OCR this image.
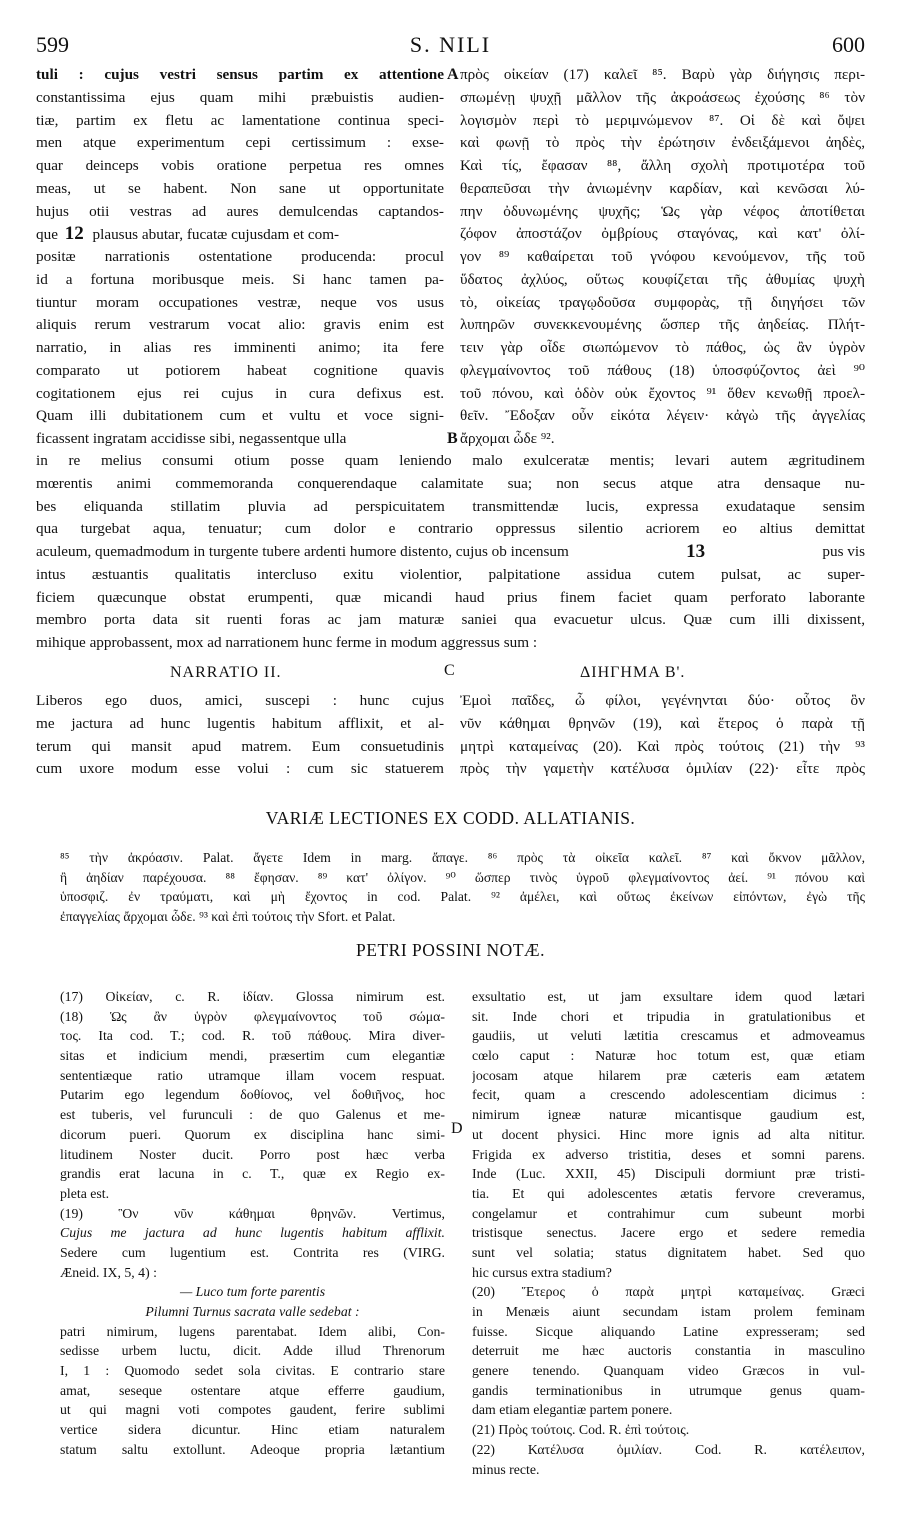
599	S. NILI	600
tuli : cujus vestri sensus partim ex attentione
constantissima ejus quam mihi præbuistis audien-
tiæ, partim ex fletu ac lamentatione continua speci-
men atque experimentum cepi certissimum : exse-
quar deinceps vobis oratione perpetua res omnes
meas, ut se habent. Non sane ut opportunitate
hujus otii vestras ad aures demulcendas captandos-
que 12 plausus abutar, fucatæ cujusdam et com-
positæ narrationis ostentatione producenda: procul
id a fortuna moribusque meis. Si hanc tamen pa-
tiuntur moram occupationes vestræ, neque vos usus
aliquis rerum vestrarum vocat alio: gravis enim est
narratio, in alias res imminenti animo; ita fere
comparato ut potiorem habeat cognitione quavis
cogitationem ejus rei cujus in cura defixus est.
Quam illi dubitationem cum et vultu et voce signi-
ficassent ingratam accidisse sibi, negassentque ulla
A
B
πρὸς οἰκείαν (17) καλεῖ ⁸⁵. Βαρὺ γὰρ διήγησις περι-
σπωμένῃ ψυχῇ μᾶλλον τῆς ἀκροάσεως ἐχούσης ⁸⁶ τὸν
λογισμὸν περὶ τὸ μεριμνώμενον ⁸⁷. Οἱ δὲ καὶ ὄψει
καὶ φωνῇ τὸ πρὸς τὴν ἐρώτησιν ἐνδειξάμενοι ἀηδὲς,
Καὶ τίς, ἔφασαν ⁸⁸, ἄλλη σχολὴ προτιμοτέρα τοῦ
θεραπεῦσαι τὴν ἀνιωμένην καρδίαν, καὶ κενῶσαι λύ-
πην ὀδυνωμένης ψυχῆς; Ὡς γὰρ νέφος ἀποτίθεται
ζόφον ἀποστάζον ὀμβρίους σταγόνας, καὶ κατ' ὀλί-
γον ⁸⁹ καθαίρεται τοῦ γνόφου κενούμενον, τῆς τοῦ
ὕδατος ἀχλύος, οὕτως κουφίζεται τῆς ἀθυμίας ψυχὴ
τὸ, οἰκείας τραγῳδοῦσα συμφορὰς, τῇ διηγήσει τῶν
λυπηρῶν συνεκκενουμένης ὥσπερ τῆς ἀηδείας. Πλήτ-
τειν γὰρ οἶδε σιωπώμενον τὸ πάθος, ὡς ἂν ὑγρὸν
φλεγμαίνοντος τοῦ πάθους (18) ὑποσφύζοντος ἀεὶ ⁹⁰
τοῦ πόνου, καὶ ὁδὸν οὐκ ἔχοντος ⁹¹ ὅθεν κενωθῇ προελ-
θεῖν. Ἔδοξαν οὖν εἰκότα λέγειν· κἀγὼ τῆς ἀγγελίας
ἄρχομαι ὧδε ⁹².
in re melius consumi otium posse quam leniendo malo exulceratæ mentis; levari autem ægritudinem
mœrentis animi commemoranda conquerendaque calamitate sua; non secus atque atra densaque nu-
bes eliquanda stillatim pluvia ad perspicuitatem transmittendæ lucis, expressa exudataque sensim
qua turgebat aqua, tenuatur; cum dolor e contrario oppressus silentio acriorem eo altius demittat
aculeum, quemadmodum in turgente tubere ardenti humore distento, cujus ob incensum	13	pus vis
intus æstuantis qualitatis intercluso exitu violentior, palpitatione assidua cutem pulsat, ac super-
ficiem quæcunque obstat erumpenti, quæ micandi haud prius finem faciet quam perforato laborante
membro porta data sit ruenti foras ac jam maturæ saniei qua evacuetur ulcus. Quæ cum illi dixissent,
mihique approbassent, mox ad narrationem hunc ferme in modum aggressus sum :
NARRATIO II.	C	ΔΙΗΓΗΜΑ Β'.
Liberos ego duos, amici, suscepi : hunc cujus
me jactura ad hunc lugentis habitum afflixit, et al-
terum qui mansit apud matrem. Eum consuetudinis
cum uxore modum esse volui : cum sic statuerem
Ἐμοὶ παῖδες, ὦ φίλοι, γεγένηνται δύο· οὗτος ὃν
νῦν κάθημαι θρηνῶν (19), καὶ ἕτερος ὁ παρὰ τῇ
μητρὶ καταμείνας (20). Καὶ πρὸς τούτοις (21) τὴν ⁹³
πρὸς τὴν γαμετὴν κατέλυσα ὁμιλίαν (22)· εἶτε πρὸς
VARIÆ LECTIONES EX CODD. ALLATIANIS.
⁸⁵ τὴν ἀκρόασιν. Palat. ἄγετε Idem in marg. ἄπαγε. ⁸⁶ πρὸς τὰ οἰκεῖα καλεῖ. ⁸⁷ καὶ ὄκνον μᾶλλον,
ἢ ἀηδίαν παρέχουσα. ⁸⁸ ἔφησαν. ⁸⁹ κατ' ὀλίγον. ⁹⁰ ὥσπερ τινὸς ὑγροῦ φλεγμαίνοντος ἀεί. ⁹¹ πόνου καὶ
ὑποσφιζ. ἐν τραύματι, καὶ μὴ ἔχοντος in cod. Palat. ⁹² ἀμέλει, καὶ οὕτως ἐκείνων εἰπόντων, ἐγὼ τῆς
ἐπαγγελίας ἄρχομαι ὧδε. ⁹³ καὶ ἐπὶ τούτοις τὴν Sfort. et Palat.
PETRI POSSINI NOTÆ.
(17) Οἰκείαν, c. R. ἰδίαν. Glossa nimirum est.
(18) Ὡς ἂν ὑγρὸν φλεγμαίνοντος τοῦ σώμα-
τος. Ita cod. T.; cod. R. τοῦ πάθους. Mira diver-
sitas et indicium mendi, præsertim cum elegantiæ
sententiæque ratio utramque illam vocem respuat.
Putarim ego legendum δοθίονος, vel δοθιῆνος, hoc
est tuberis, vel furunculi : de quo Galenus et me-
dicorum pueri. Quorum ex disciplina hanc simi-
litudinem Noster ducit. Porro post hæc verba
grandis erat lacuna in c. T., quæ ex Regio ex-
pleta est.
(19) Ὃν νῦν κάθημαι θρηνῶν. Vertimus,
Cujus me jactura ad hunc lugentis habitum afflixit.
Sedere cum lugentium est. Contrita res (VIRG.
Æneid. IX, 5, 4) :
— Luco tum forte parentis
Pilumni Turnus sacrata valle sedebat :
patri nimirum, lugens parentabat. Idem alibi, Con-
sedisse urbem luctu, dicit. Adde illud Threnorum
I, 1 : Quomodo sedet sola civitas. E contrario stare
amat, seseque ostentare atque efferre gaudium,
ut qui magni voti compotes gaudent, ferire sublimi
vertice sidera dicuntur. Hinc etiam naturalem
statum saltu extollunt. Adeoque propria lætantium
D
exsultatio est, ut jam exsultare idem quod lætari
sit. Inde chori et tripudia in gratulationibus et
gaudiis, ut veluti lætitia crescamus et admoveamus
cœlo caput : Naturæ hoc totum est, quæ etiam
jocosam atque hilarem præ cæteris eam ætatem
fecit, quam a crescendo adolescentiam dicimus :
nimirum igneæ naturæ micantisque gaudium est,
ut docent physici. Hinc more ignis ad alta nititur.
Frigida ex adverso tristitia, deses et somni parens.
Inde (Luc. XXII, 45) Discipuli dormiunt præ tristi-
tia. Et qui adolescentes ætatis fervore creveramus,
congelamur et contrahimur cum subeunt morbi
tristisque senectus. Jacere ergo et sedere remedia
sunt vel solatia; status dignitatem habet. Sed quo
hic cursus extra stadium?
(20) Ἕτερος ὁ παρὰ μητρὶ καταμείνας. Græci
in Menæis aiunt secundam istam prolem feminam
fuisse. Sicque aliquando Latine expresseram; sed
deterruit me hæc auctoris constantia in masculino
genere tenendo. Quanquam video Græcos in vul-
gandis terminationibus in utrumque genus quam-
dam etiam elegantiæ partem ponere.
(21) Πρὸς τούτοις. Cod. R. ἐπὶ τούτοις.
(22) Κατέλυσα ὁμιλίαν. Cod. R. κατέλειπον,
minus recte.
